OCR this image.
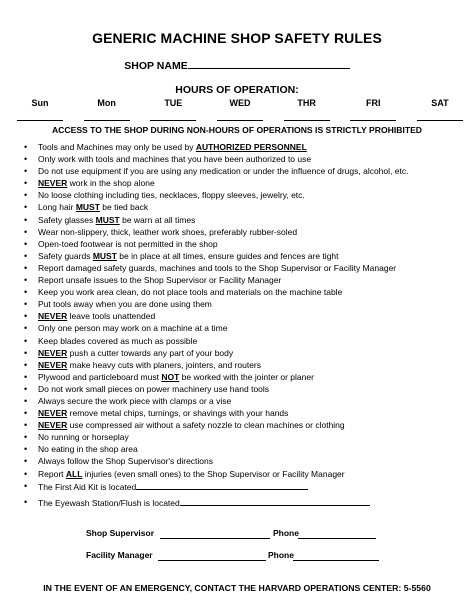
GENERIC MACHINE SHOP SAFETY RULES
SHOP NAME
HOURS OF OPERATION:
Sun	Mon	TUE	WED	THR	FRI	SAT
ACCESS TO THE SHOP DURING NON-HOURS OF OPERATIONS IS STRICTLY PROHIBITED
• Tools and Machines may only be used by AUTHORIZED PERSONNEL
• Only work with tools and machines that you have been authorized to use
• Do not use equipment if you are using any medication or under the influence of drugs, alcohol, etc.
• NEVER work in the shop alone
• No loose clothing including ties, necklaces, floppy sleeves, jewelry, etc.
• Long hair MUST be tied back
• Safety glasses MUST be warn at all times
• Wear non-slippery, thick, leather work shoes, preferably rubber-soled
• Open-toed footwear is not permitted in the shop
• Safety guards MUST be in place at all times, ensure guides and fences are tight
• Report damaged safety guards, machines and tools to the Shop Supervisor or Facility Manager
• Report unsafe issues to the Shop Supervisor or Facility Manager
• Keep you work area clean, do not place tools and materials on the machine table
• Put tools away when you are done using them
• NEVER leave tools unattended
• Only one person may work on a machine at a time
• Keep blades covered as much as possible
• NEVER push a cutter towards any part of your body
• NEVER make heavy cuts with planers, jointers, and routers
• Plywood and particleboard must NOT be worked with the jointer or planer
• Do not work small pieces on power machinery use hand tools
• Always secure the work piece with clamps or a vise
• NEVER remove metal chips, turnings, or shavings with your hands
• NEVER use compressed air without a safety nozzle to clean machines or clothing
• No running or horseplay
• No eating in the shop area
• Always follow the Shop Supervisor's directions
• Report ALL injuries (even small ones) to the Shop Supervisor or Facility Manager
• The First Aid Kit is located
• The Eyewash Station/Flush is located
Shop Supervisor	Phone
Facility Manager	Phone
IN THE EVENT OF AN EMERGENCY, CONTACT THE HARVARD OPERATIONS CENTER: 5-5560
